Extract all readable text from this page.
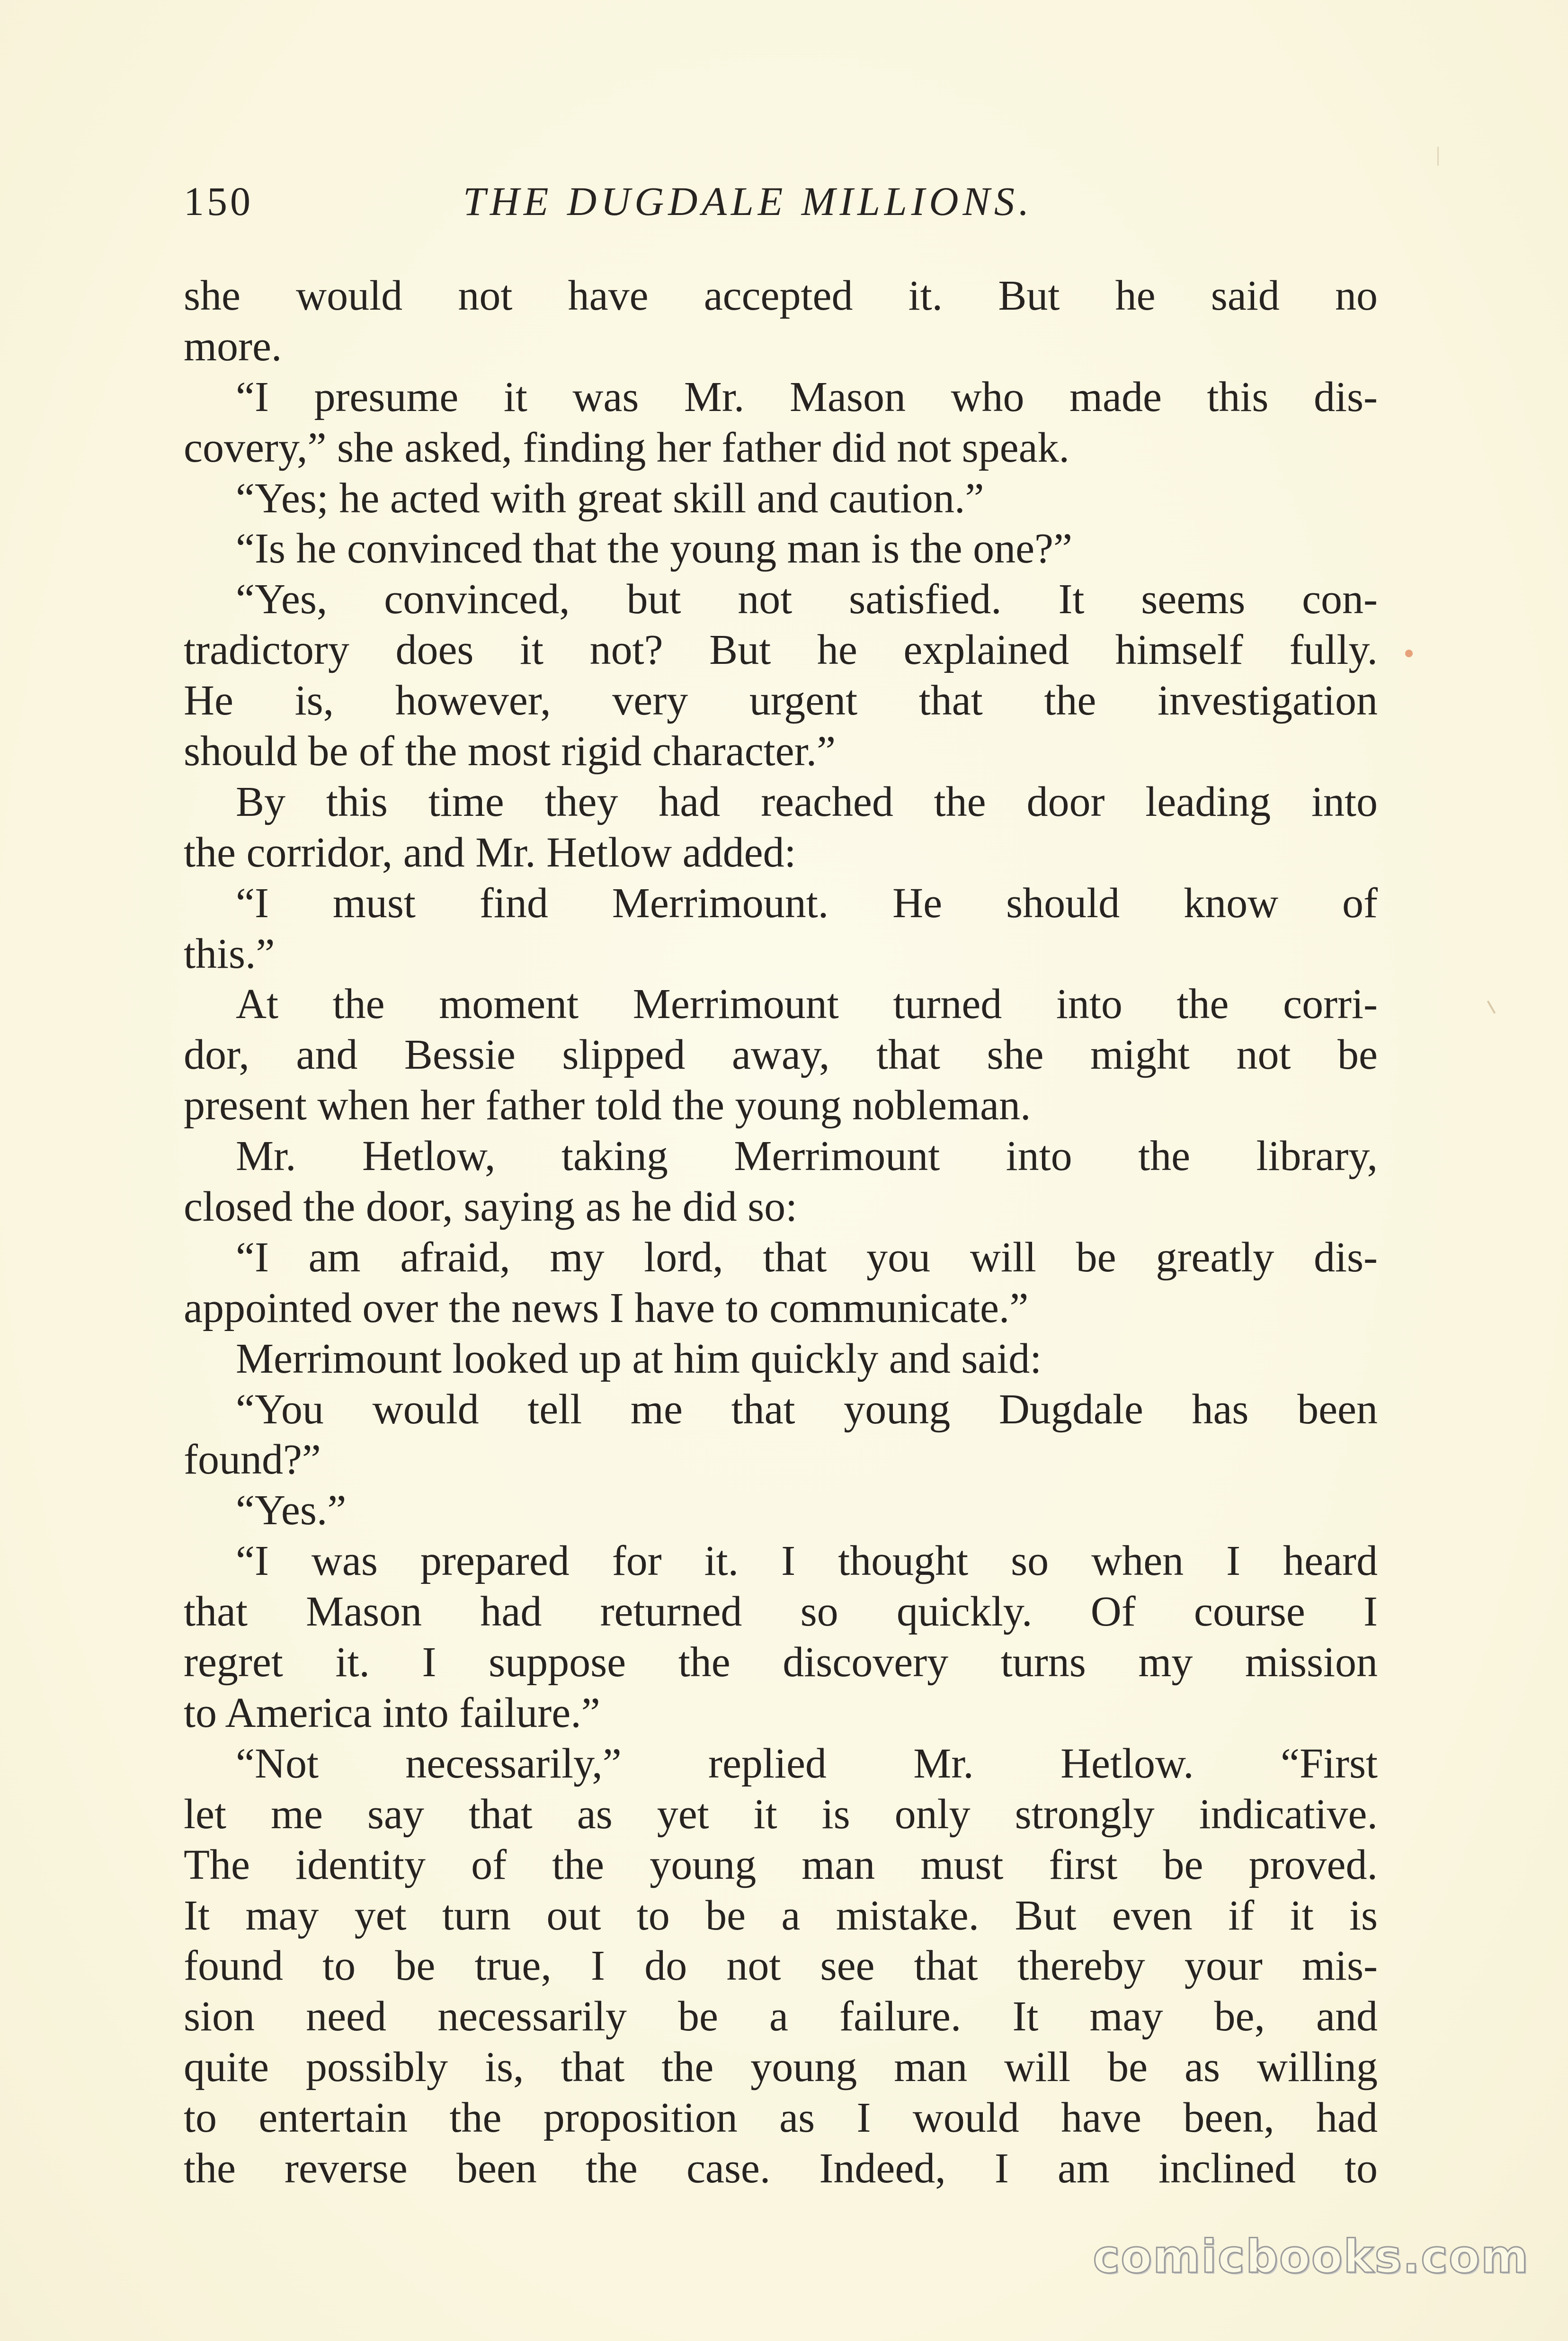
150	THE DUGDALE MILLIONS.
she would not have accepted it. But he said no
more.
“I presume it was Mr. Mason who made this dis-
covery,” she asked, finding her father did not speak.
“Yes; he acted with great skill and caution.”
“Is he convinced that the young man is the one?”
“Yes, convinced, but not satisfied. It seems con-
tradictory does it not? But he explained himself fully.
He is, however, very urgent that the investigation
should be of the most rigid character.”
By this time they had reached the door leading into
the corridor, and Mr. Hetlow added:
“I must find Merrimount. He should know of
this.”
At the moment Merrimount turned into the corri-
dor, and Bessie slipped away, that she might not be
present when her father told the young nobleman.
Mr. Hetlow, taking Merrimount into the library,
closed the door, saying as he did so:
“I am afraid, my lord, that you will be greatly dis-
appointed over the news I have to communicate.”
Merrimount looked up at him quickly and said:
“You would tell me that young Dugdale has been
found?”
“Yes.”
“I was prepared for it. I thought so when I heard
that Mason had returned so quickly. Of course I
regret it. I suppose the discovery turns my mission
to America into failure.”
“Not necessarily,” replied Mr. Hetlow. “First
let me say that as yet it is only strongly indicative.
The identity of the young man must first be proved.
It may yet turn out to be a mistake. But even if it is
found to be true, I do not see that thereby your mis-
sion need necessarily be a failure. It may be, and
quite possibly is, that the young man will be as willing
to entertain the proposition as I would have been, had
the reverse been the case. Indeed, I am inclined to
comicbooks.com
